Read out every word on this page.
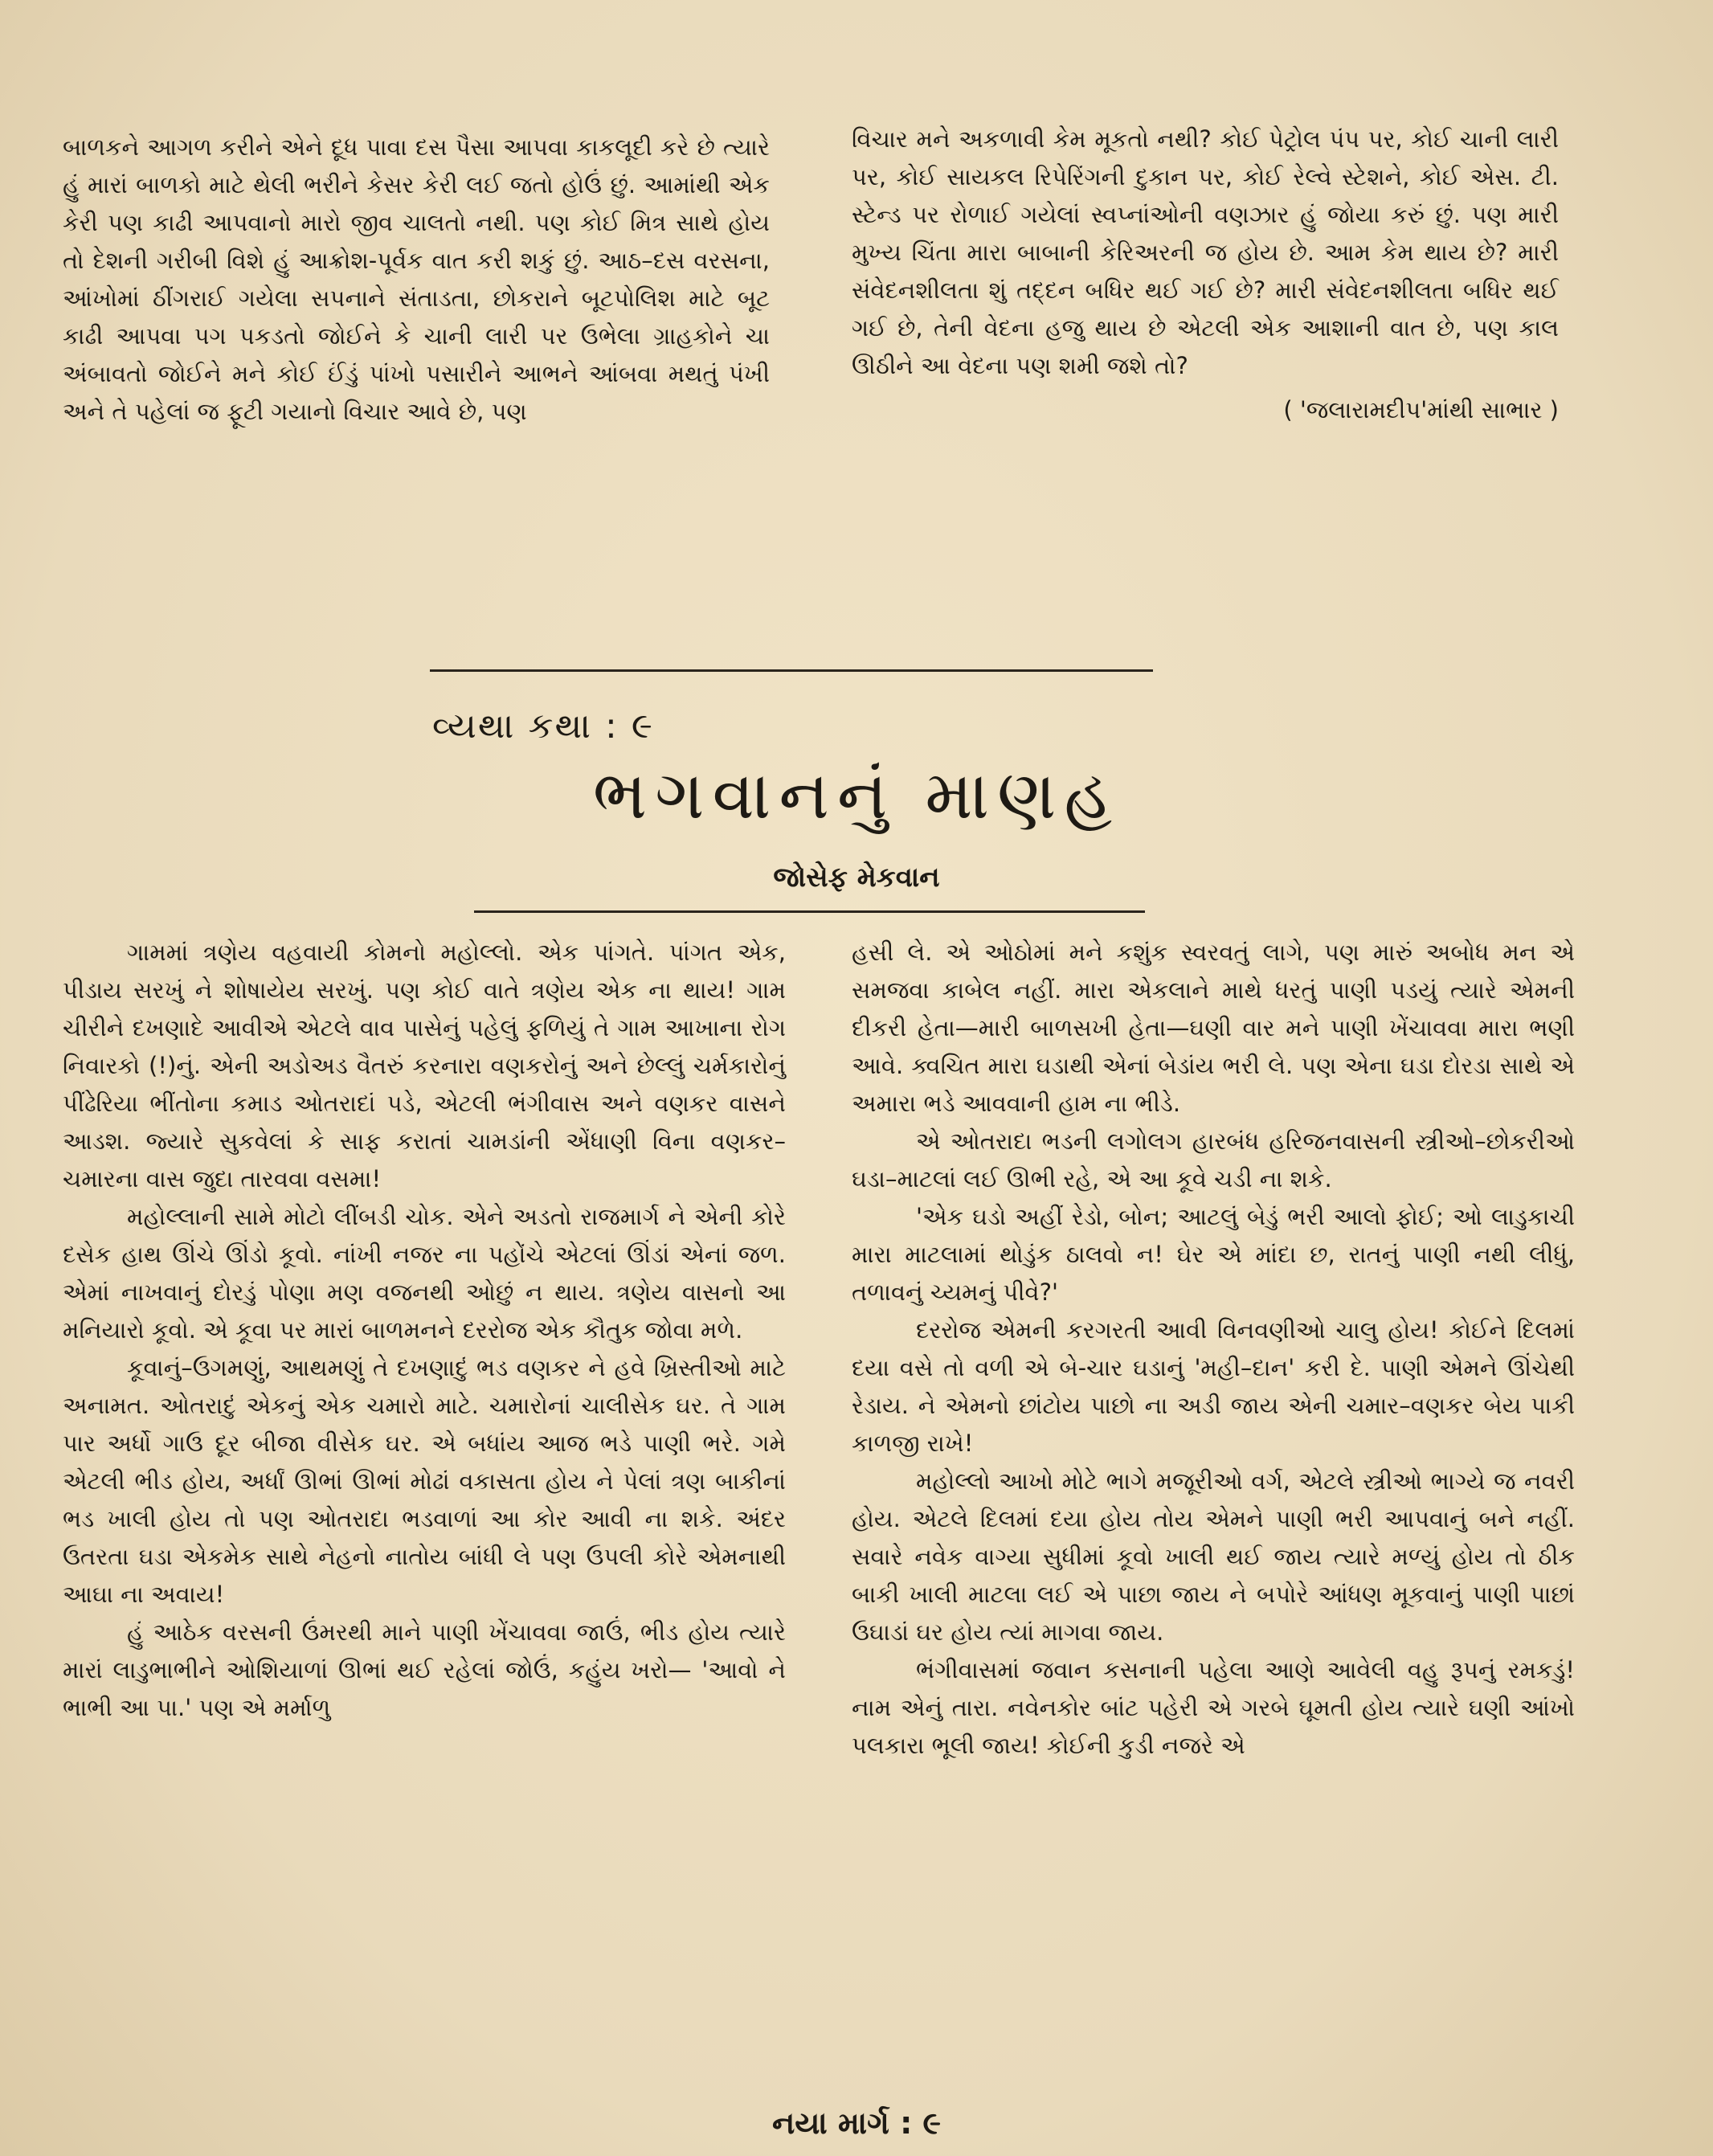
બાળકને આગળ કરીને એને દૂધ પાવા દસ પૈસા આપવા કાકલૂદી કરે છે ત્યારે હું મારાં બાળકો માટે થેલી ભરીને કેસર કેરી લઈ જતો હોઉં છું. આમાંથી એક કેરી પણ કાઢી આપવાનો મારો જીવ ચાલતો નથી. પણ કોઈ મિત્ર સાથે હોય તો દેશની ગરીબી વિશે હું આક્રોશ-પૂર્વક વાત કરી શકું છું. આઠ–દસ વરસના, આંખોમાં ઠીંગરાઈ ગયેલા સપનાને સંતાડતા, છોકરાને બૂટપોલિશ માટે બૂટ કાઢી આપવા પગ પકડતો જોઈને કે ચાની લારી પર ઉભેલા ગ્રાહકોને ચા અંબાવતો જોઈને મને કોઈ ઈંડું પાંખો પસારીને આભને આંબવા મથતું પંખી અને તે પહેલાં જ ફૂટી ગયાનો વિચાર આવે છે, પણ

વિચાર મને અકળાવી કેમ મૂકતો નથી? કોઈ પેટ્રોલ પંપ પર, કોઈ ચાની લારી પર, કોઈ સાયકલ રિપેરિંગની દુકાન પર, કોઈ રેલ્વે સ્ટેશને, કોઈ એસ. ટી. સ્ટેન્ડ પર રોળાઈ ગયેલાં સ્વપ્નાંઓની વણઝાર હું જોયા કરું છું. પણ મારી મુખ્ય ચિંતા મારા બાબાની કેરિઅરની જ હોય છે. આમ કેમ થાય છે? મારી સંવેદનશીલતા શું તદ્દન બધિર થઈ ગઈ છે? મારી સંવેદનશીલતા બધિર થઈ ગઈ છે, તેની વેદના હજુ થાય છે એટલી એક આશાની વાત છે, પણ કાલ ઊઠીને આ વેદના પણ શમી જશે તો?

( 'જલારામદીપ'માંથી સાભાર )
વ્યથા કથા : ૯
ભગવાનનું માણહ
જોસેફ મેકવાન

ગામમાં ત્રણેય વહવાયી કોમનો મહોલ્લો. એક પાંગતે. પાંગત એક, પીડાય સરખું ને શોષાયેય સરખું. પણ કોઈ વાતે ત્રણેય એક ના થાય! ગામ ચીરીને દખણાદે આવીએ એટલે વાવ પાસેનું પહેલું ફળિયું તે ગામ આખાના રોગ નિવારકો (!)નું. એની અડોઅડ વૈતરું કરનારા વણકરોનું અને છેલ્લું ચર્મકારોનું પીંઢેરિયા ભીંતોના કમાડ ઓતરાદાં પડે, એટલી ભંગીવાસ અને વણકર વાસને આડશ. જ્યારે સુકવેલાં કે સાફ કરાતાં ચામડાંની એંધાણી વિના વણકર–ચમારના વાસ જુદા તારવવા વસમા!

મહોલ્લાની સામે મોટો લીંબડી ચોક. એને અડતો રાજમાર્ગ ને એની કોરે દસેક હાથ ઊંચે ઊંડો કૂવો. નાંખી નજર ના પહોંચે એટલાં ઊંડાં એનાં જળ. એમાં નાખવાનું દોરડું પોણા મણ વજનથી ઓછું ન થાય. ત્રણેય વાસનો આ મનિયારો કૂવો. એ કૂવા પર મારાં બાળમનને દરરોજ એક કૌતુક જોવા મળે.

કૂવાનું–ઉગમણું, આથમણું તે દખણાદું ભડ વણકર ને હવે ખ્રિસ્તીઓ માટે અનામત. ઓતરાદું એકનું એક ચમારો માટે. ચમારોનાં ચાલીસેક ઘર. તે ગામ પાર અર્ધો ગાઉ દૂર બીજા વીસેક ઘર. એ બધાંય આજ ભડે પાણી ભરે. ગમે એટલી ભીડ હોય, અર્ધાં ઊભાં ઊભાં મોઢાં વકાસતા હોય ને પેલાં ત્રણ બાકીનાં ભડ ખાલી હોય તો પણ ઓતરાદા ભડવાળાં આ કોર આવી ના શકે. અંદર ઉતરતા ઘડા એકમેક સાથે નેહનો નાતોય બાંધી લે પણ ઉપલી કોરે એમનાથી આઘા ના અવાય!

હું આઠેક વરસની ઉંમરથી માને પાણી ખેંચાવવા જાઉં, ભીડ હોય ત્યારે મારાં લાડુભાભીને ઓશિયાળાં ઊભાં થઈ રહેલાં જોઉં, કહુંય ખરો— 'આવો ને ભાભી આ પા.' પણ એ મર્માળુ

હસી લે. એ ઓઠોમાં મને કશુંક સ્વરવતું લાગે, પણ મારું અબોધ મન એ સમજવા કાબેલ નહીં. મારા એકલાને માથે ધરતું પાણી પડયું ત્યારે એમની દીકરી હેતા—મારી બાળસખી હેતા—ઘણી વાર મને પાણી ખેંચાવવા મારા ભણી આવે. ક્વચિત મારા ઘડાથી એનાં બેડાંય ભરી લે. પણ એના ઘડા દોરડા સાથે એ અમારા ભડે આવવાની હામ ના ભીડે.

એ ઓતરાદા ભડની લગોલગ હારબંધ હરિજનવાસની સ્ત્રીઓ–છોકરીઓ ઘડા–માટલાં લઈ ઊભી રહે, એ આ કૂવે ચડી ના શકે.

'એક ઘડો અહીં રેડો, બોન; આટલું બેડું ભરી આલો ફોઈ; ઓ લાડુકાચી મારા માટલામાં થોડુંક ઠાલવો ન! ઘેર એ માંદા છ, રાતનું પાણી નથી લીધું, તળાવનું ચ્યમનું પીવે?'

દરરોજ એમની કરગરતી આવી વિનવણીઓ ચાલુ હોય! કોઈને દિલમાં દયા વસે તો વળી એ બે-ચાર ઘડાનું 'મહી–દાન' કરી દે. પાણી એમને ઊંચેથી રેડાય. ને એમનો છાંટોય પાછો ના અડી જાય એની ચમાર–વણકર બેય પાકી કાળજી રાખે!

મહોલ્લો આખો મોટે ભાગે મજૂરીઓ વર્ગ, એટલે સ્ત્રીઓ ભાગ્યે જ નવરી હોય. એટલે દિલમાં દયા હોય તોય એમને પાણી ભરી આપવાનું બને નહીં. સવારે નવેક વાગ્યા સુધીમાં કૂવો ખાલી થઈ જાય ત્યારે મળ્યું હોય તો ઠીક બાકી ખાલી માટલા લઈ એ પાછા જાય ને બપોરે આંધણ મૂકવાનું પાણી પાછાં ઉઘાડાં ઘર હોય ત્યાં માગવા જાય.

ભંગીવાસમાં જવાન કસનાની પહેલા આણે આવેલી વહુ રૂપનું રમકડું! નામ એનું તારા. નવેનકોર બાંટ પહેરી એ ગરબે ઘૂમતી હોય ત્યારે ઘણી આંખો પલકારા ભૂલી જાય! કોઈની કુડી નજરે એ

નયા માર્ગ : ૯
